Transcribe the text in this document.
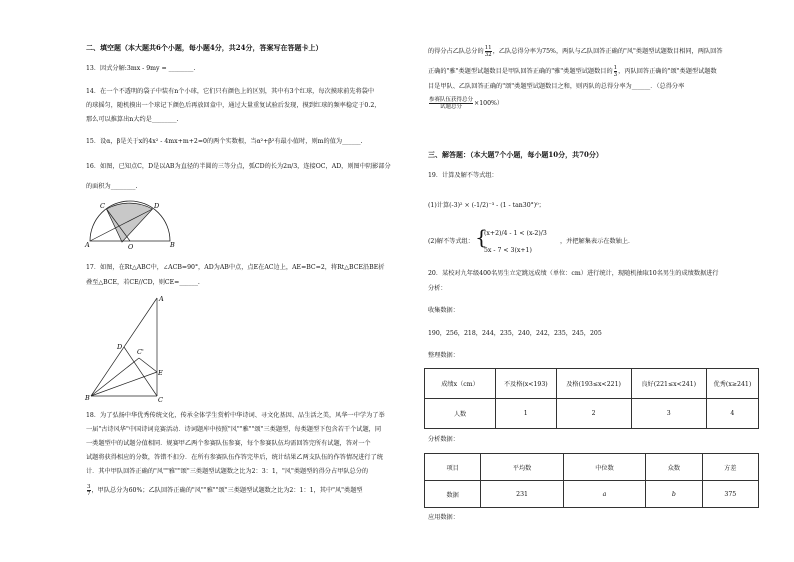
二、填空题（本大题共6个小题，每小题4分，共24分，答案写在答题卡上）
13．因式分解:3mx - 9my = ________.
14．在一个不透明的袋子中装有n个小球，它们只有颜色上的区别，其中有3个红球，每次摸球前先将袋中
的球摇匀，随机摸出一个球记下颜色后再放回盒中，通过大量重复试验后发现，摸到红球的频率稳定于0.2，
那么可以推算出n大约是________.
15．设α，β是关于x的4x² - 4mx+m+2=0的两个实数根，当α²+β²有最小值时，则m的值为______.
16．如图，已知点C，D是以AB为直径的半圆的三等分点，弧CD的长为2π/3，连接OC，AD，则图中阴影部分
的面积为________.
C	D
A	O	B
17．如图，在Rt△ABC中，∠ACB=90°，AD为AB中点，点E在AC边上，AE=BC=2，将Rt△BCE沿BE折
叠至△BCE，若CE//CD，则CE=______.
A
D
C'
E
B	C
18．为了弘扬中华优秀传统文化，传承全体学生赏析中华诗词、寻文化基因、品生活之美，风华一中学为了举
一届"古诗风华"中国诗词竞赛活动．诗词题库中按照"风""雅""颂"三类题型，每类题型下包含若干个试题，同
一类题型中的试题分值相同．规赛甲乙两个参赛队伍参赛，每个参赛队伍均需回答完所有试题，答对一个
试题将获得相应的分数，答错不扣分．在所有参赛队伍作答完毕后，统计结果乙两支队伍的作答情况进行了统
计．其中甲队回答正确的"风""雅""颂"三类题型试题数之比为2：3：1，"风"类题型的得分占甲队总分的
$\frac{3}{7}$ ，甲队总分为60%；乙队回答正确的"风""雅""颂"三类题型试题数之比为2：1：1，其中"风"类题型
的得分占乙队总分的 $\frac{11}{32}$ ，乙队总得分率为75%，两队与乙队回答正确的"风"类题型试题数目相同，两队回答
正确的"雅"类题型试题数目是甲队回答正确的"雅"类题型试题数目的 $\frac{1}{3}$ ，丙队回答正确的"颂"类题型试题数
目是甲队、乙队回答正确的"颂"类题型试题数目之和，则丙队的总得分率为______．（总得分率
$\frac{\text{参赛队伍获得总分}}{\text{试题总分}} \times 100\%$）
三、解答题：（本大题7个小题，每小题10分，共70分）
19．计算及解不等式组：
(1)计算(-3)² × (-1/2)⁻³ - (1 - tan30°)⁰；
(2)解不等式组： {
(x+2)/4 - 1 < (x-2)/3
5x - 7 < 3(x+1)
，并把解集表示在数轴上．
20．某校对九年级400名男生立定跳远成绩（单位：cm）进行统计，现随机抽取10名男生的成绩数据进行
分析：
收集数据：
190，256，218，244，235，240，242，235，245，205
整理数据：
成绩x（cm）	不及格(x<193)	及格(193≤x<221)	良好(221≤x<241)	优秀(x≥241)
人数	1	2	3	4
分析数据：
项目	平均数	中位数	众数	方差
数据	231	a	b	375
应用数据：
